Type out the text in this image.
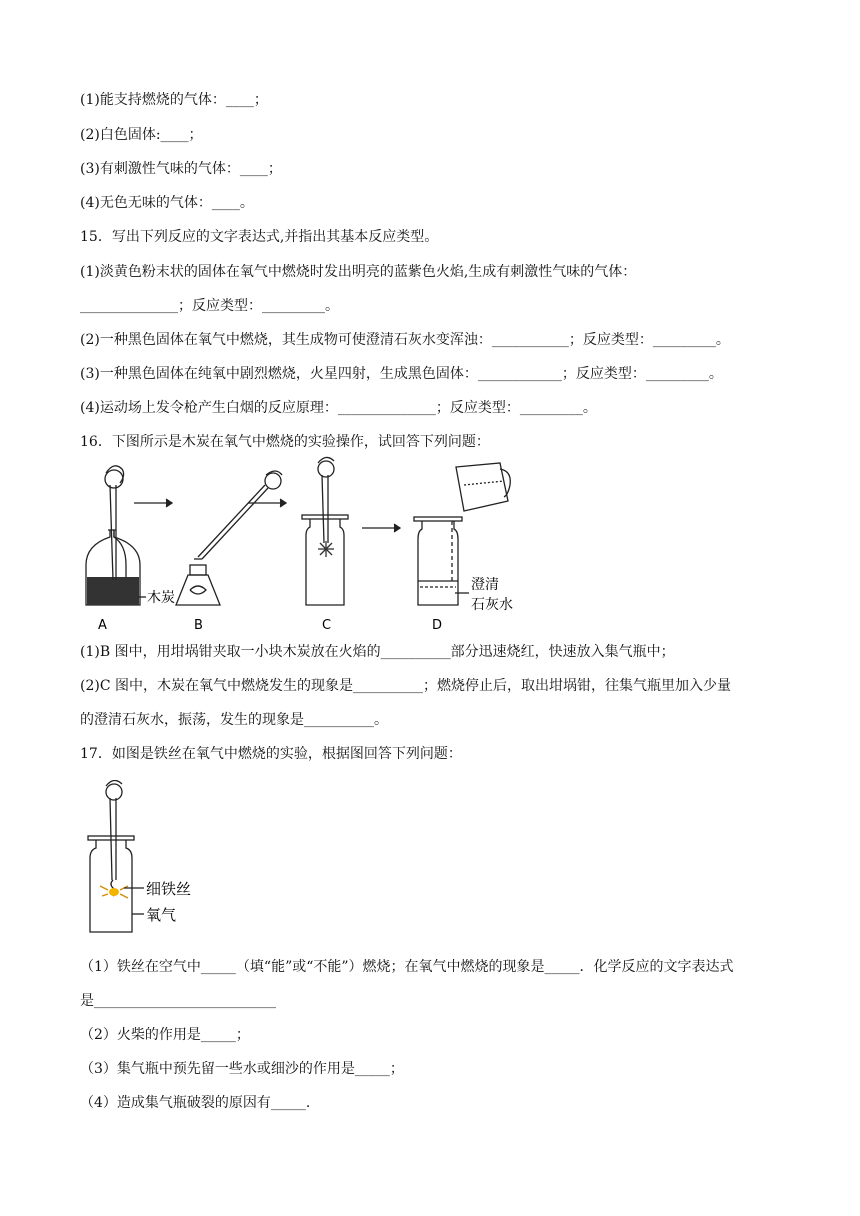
(1)能支持燃烧的气体：____；
(2)白色固体:____；
(3)有刺激性气味的气体：____；
(4)无色无味的气体：____。
15．写出下列反应的文字表达式,并指出其基本反应类型。
(1)淡黄色粉末状的固体在氧气中燃烧时发出明亮的蓝紫色火焰,生成有刺激性气味的气体：
______________；反应类型：_________。
(2)一种黑色固体在氧气中燃烧，其生成物可使澄清石灰水变浑浊：___________；反应类型：_________。
(3)一种黑色固体在纯氧中剧烈燃烧，火星四射，生成黑色固体：____________；反应类型：_________。
(4)运动场上发令枪产生白烟的反应原理：______________；反应类型：_________。
16．下图所示是木炭在氧气中燃烧的实验操作，试回答下列问题：
A	B	C	D
木炭
澄清
石灰水
(1)B 图中，用坩埚钳夹取一小块木炭放在火焰的__________部分迅速烧红，快速放入集气瓶中；
(2)C 图中，木炭在氧气中燃烧发生的现象是__________；燃烧停止后，取出坩埚钳，往集气瓶里加入少量
的澄清石灰水，振荡，发生的现象是__________。
17．如图是铁丝在氧气中燃烧的实验，根据图回答下列问题：
细铁丝
氧气
（1）铁丝在空气中_____（填“能”或“不能”）燃烧；在氧气中燃烧的现象是_____．化学反应的文字表达式
是__________________________
（2）火柴的作用是_____；
（3）集气瓶中预先留一些水或细沙的作用是_____；
（4）造成集气瓶破裂的原因有_____.
